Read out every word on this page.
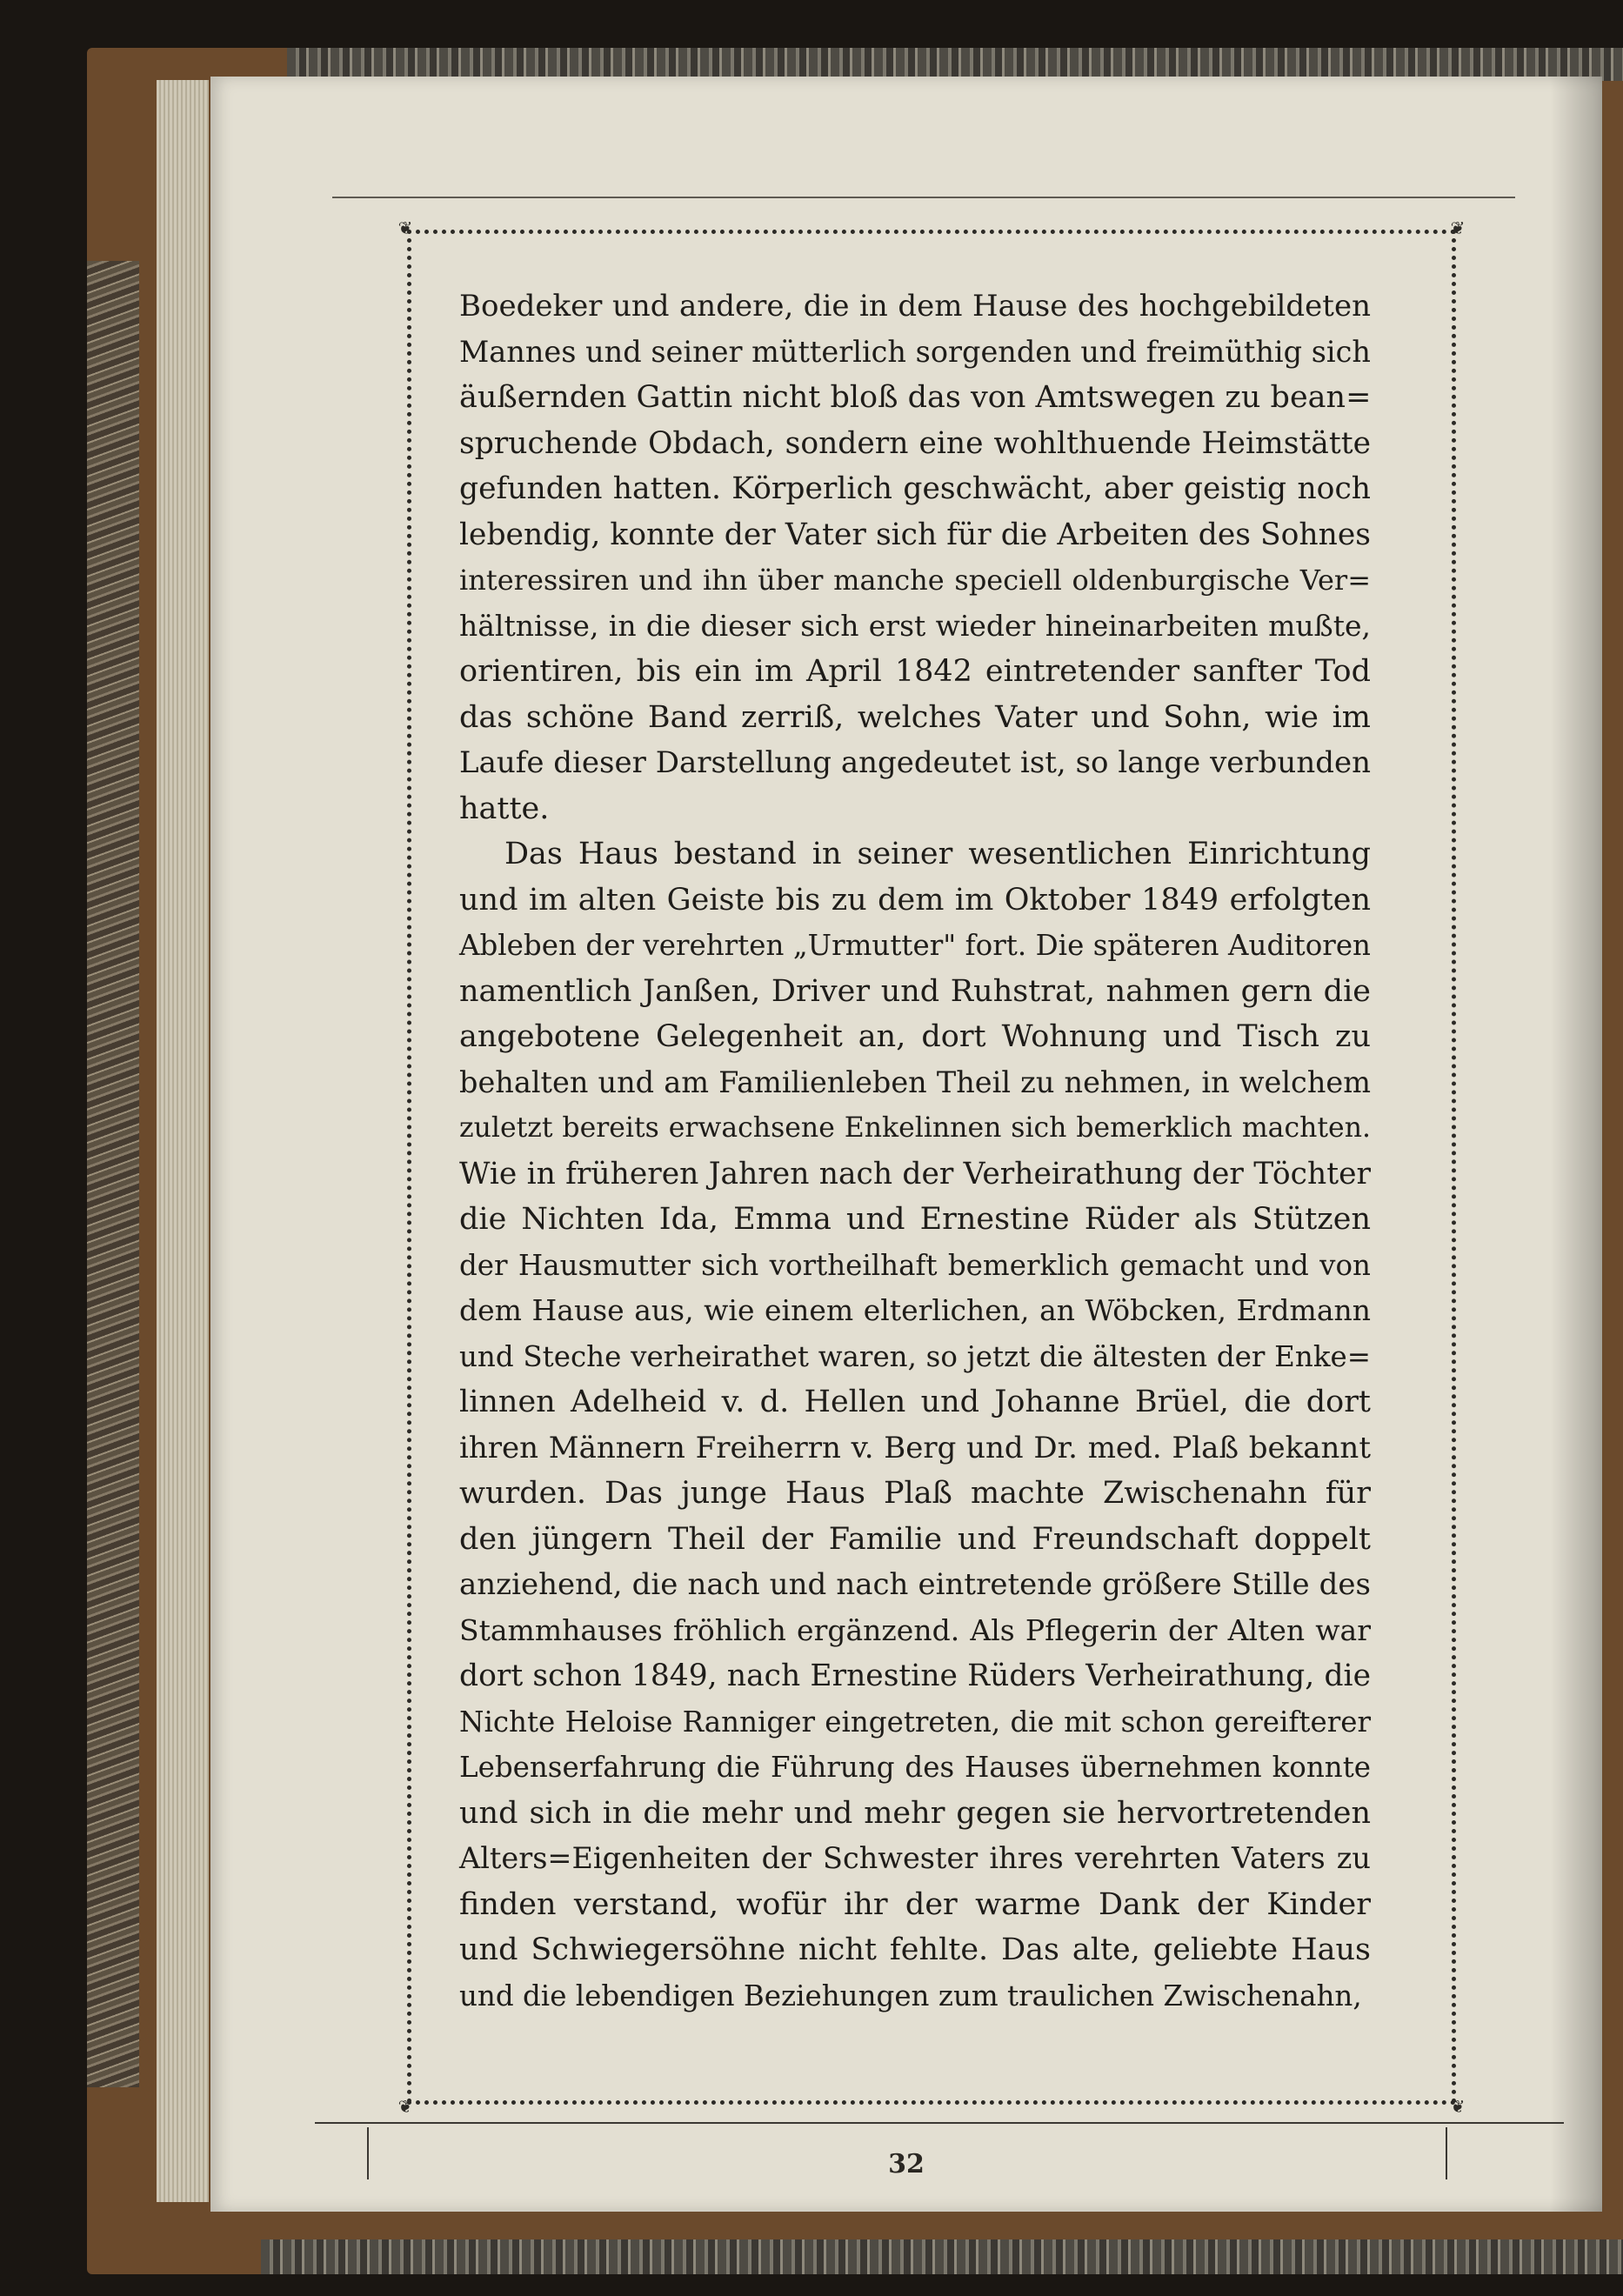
❦	❦
❦	❦
Boedeker und andere, die in dem Hause des hochgebildeten
Mannes und seiner mütterlich sorgenden und freimüthig sich
äußernden Gattin nicht bloß das von Amtswegen zu bean=
spruchende Obdach, sondern eine wohlthuende Heimstätte
gefunden hatten. Körperlich geschwächt, aber geistig noch
lebendig, konnte der Vater sich für die Arbeiten des Sohnes
interessiren und ihn über manche speciell oldenburgische Ver=
hältnisse, in die dieser sich erst wieder hineinarbeiten mußte,
orientiren, bis ein im April 1842 eintretender sanfter Tod
das schöne Band zerriß, welches Vater und Sohn, wie im
Laufe dieser Darstellung angedeutet ist, so lange verbunden
hatte.
Das Haus bestand in seiner wesentlichen Einrichtung
und im alten Geiste bis zu dem im Oktober 1849 erfolgten
Ableben der verehrten „Urmutter" fort. Die späteren Auditoren
namentlich Janßen, Driver und Ruhstrat, nahmen gern die
angebotene Gelegenheit an, dort Wohnung und Tisch zu
behalten und am Familienleben Theil zu nehmen, in welchem
zuletzt bereits erwachsene Enkelinnen sich bemerklich machten.
Wie in früheren Jahren nach der Verheirathung der Töchter
die Nichten Ida, Emma und Ernestine Rüder als Stützen
der Hausmutter sich vortheilhaft bemerklich gemacht und von
dem Hause aus, wie einem elterlichen, an Wöbcken, Erdmann
und Steche verheirathet waren, so jetzt die ältesten der Enke=
linnen Adelheid v. d. Hellen und Johanne Brüel, die dort
ihren Männern Freiherrn v. Berg und Dr. med. Plaß bekannt
wurden. Das junge Haus Plaß machte Zwischenahn für
den jüngern Theil der Familie und Freundschaft doppelt
anziehend, die nach und nach eintretende größere Stille des
Stammhauses fröhlich ergänzend. Als Pflegerin der Alten war
dort schon 1849, nach Ernestine Rüders Verheirathung, die
Nichte Heloise Ranniger eingetreten, die mit schon gereifterer
Lebenserfahrung die Führung des Hauses übernehmen konnte
und sich in die mehr und mehr gegen sie hervortretenden
Alters=Eigenheiten der Schwester ihres verehrten Vaters zu
finden verstand, wofür ihr der warme Dank der Kinder
und Schwiegersöhne nicht fehlte. Das alte, geliebte Haus
und die lebendigen Beziehungen zum traulichen Zwischenahn,
32
